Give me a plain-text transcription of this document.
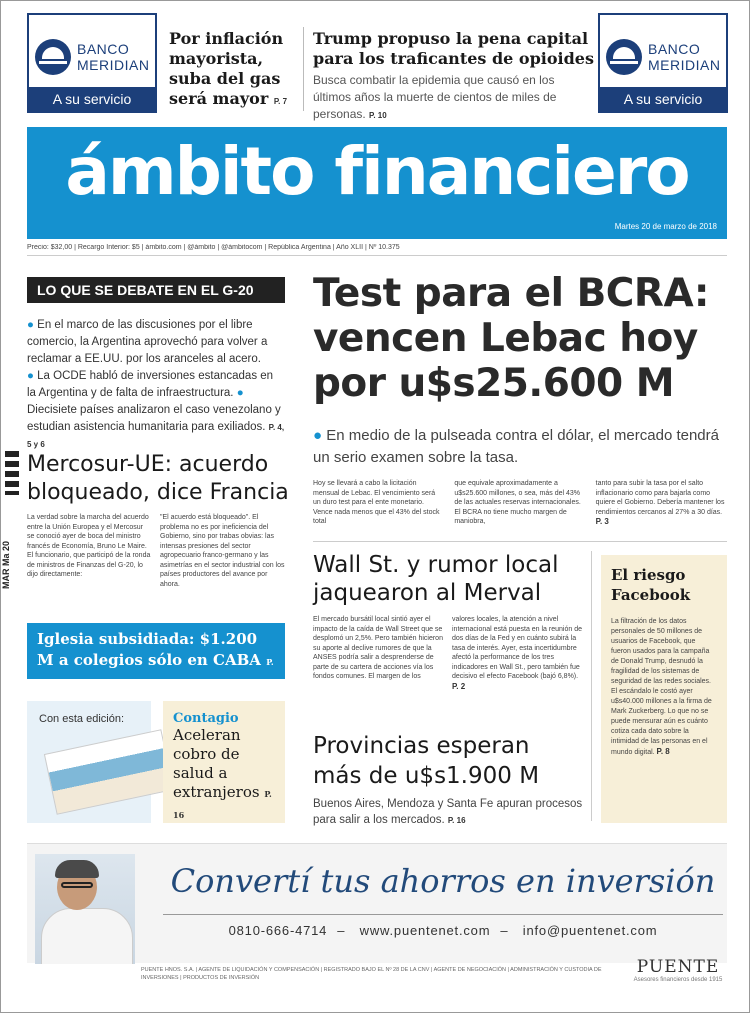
BANCO
MERIDIAN
A su servicio
Por inflación mayorista, suba del gas será mayor P. 7
Trump propuso la pena capital para los traficantes de opioides
Busca combatir la epidemia que causó en los últimos años la muerte de cientos de miles de personas. P. 10
BANCO
MERIDIAN
A su servicio
ámbito financiero
Martes 20 de marzo de 2018
Precio: $32,00 | Recargo Interior: $5 | ámbito.com | @ámbito | @ámbitocom | República Argentina | Año XLII | Nº 10.375
LO QUE SE DEBATE EN EL G-20
● En el marco de las discusiones por el libre comercio, la Argentina aprovechó para volver a reclamar a EE.UU. por los aranceles al acero.
● La OCDE habló de inversiones estancadas en la Argentina y de falta de infraestructura. ● Diecisiete países analizaron el caso venezolano y estudian asistencia humanitaria para exiliados. P. 4, 5 y 6
MAR Ma 20
Mercosur-UE: acuerdo bloqueado, dice Francia
La verdad sobre la marcha del acuerdo entre la Unión Europea y el Mercosur se conoció ayer de boca del ministro francés de Economía, Bruno Le Maire. El funcionario, que participó de la ronda de ministros de Finanzas del G-20, lo dijo directamente:
"El acuerdo está bloqueado". El problema no es por ineficiencia del Gobierno, sino por trabas obvias: las intensas presiones del sector agropecuario franco-germano y las asimetrías en el sector industrial con los países productores del avance por ahora.
Iglesia subsidiada: $1.200 M a colegios sólo en CABA P. 12
Con esta edición:	Contagio
Aceleran cobro de salud a extranjeros P. 16
Test para el BCRA: vencen Lebac hoy por u$s25.600 M
● En medio de la pulseada contra el dólar, el mercado tendrá un serio examen sobre la tasa.
Hoy se llevará a cabo la licitación mensual de Lebac. El vencimiento será un duro test para el ente monetario. Vence nada menos que el 43% del stock total
que equivale aproximadamente a u$s25.600 millones, o sea, más del 43% de las actuales reservas internacionales. El BCRA no tiene mucho margen de maniobra,
tanto para subir la tasa por el salto inflacionario como para bajarla como quiere el Gobierno. Debería mantener los rendimientos cercanos al 27% a 30 días. P. 3
Wall St. y rumor local jaquearon al Merval
El mercado bursátil local sintió ayer el impacto de la caída de Wall Street que se desplomó un 2,5%. Pero también hicieron su aporte al declive rumores de que la ANSES podría salir a desprenderse de parte de su cartera de acciones vía los fondos comunes. El margen de los
valores locales, la atención a nivel internacional está puesta en la reunión de dos días de la Fed y en cuánto subirá la tasa de interés. Ayer, esta incertidumbre afectó la performance de los tres indicadores en Wall St., pero también fue decisivo el efecto Facebook (bajó 6,8%). P. 2
El riesgo Facebook
La filtración de los datos personales de 50 millones de usuarios de Facebook, que fueron usados para la campaña de Donald Trump, desnudó la fragilidad de los sistemas de seguridad de las redes sociales. El escándalo le costó ayer u$s40.000 millones a la firma de Mark Zuckerberg. Lo que no se puede mensurar aún es cuánto cotiza cada dato sobre la intimidad de las personas en el mundo digital. P. 8
Provincias esperan más de u$s1.900 M
Buenos Aires, Mendoza y Santa Fe apuran procesos para salir a los mercados. P. 16
Convertí tus ahorros en inversión
0810-666-4714 – www.puentenet.com – info@puentenet.com
PUENTE HNOS. S.A. | AGENTE DE LIQUIDACIÓN Y COMPENSACIÓN | REGISTRADO BAJO EL Nº 28 DE LA CNV | AGENTE DE NEGOCIACIÓN | ADMINISTRACIÓN Y CUSTODIA DE INVERSIONES | PRODUCTOS DE INVERSIÓN
PUENTE
Asesores financieros desde 1915
